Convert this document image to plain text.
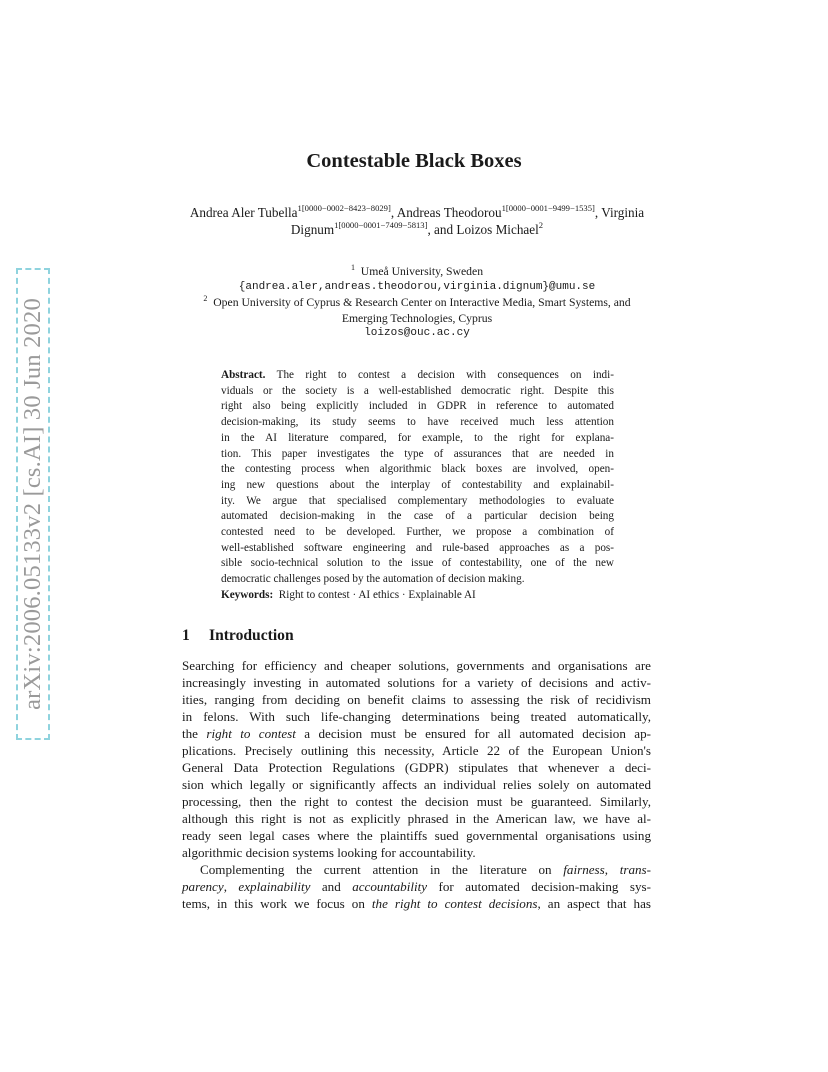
arXiv:2006.05133v2 [cs.AI] 30 Jun 2020
Contestable Black Boxes
Andrea Aler Tubella$^{1[0000-0002-8423-8029]}$, Andreas Theodorou$^{1[0000-0001-9499-1535]}$, Virginia Dignum$^{1[0000-0001-7409-5813]}$, and Loizos Michael$^2$
$^1$ Umeå University, Sweden
{andrea.aler,andreas.theodorou,virginia.dignum}@umu.se
$^2$ Open University of Cyprus & Research Center on Interactive Media, Smart Systems, and Emerging Technologies, Cyprus
loizos@ouc.ac.cy
Abstract. The right to contest a decision with consequences on indi-
viduals or the society is a well-established democratic right. Despite this
right also being explicitly included in GDPR in reference to automated
decision-making, its study seems to have received much less attention
in the AI literature compared, for example, to the right for explana-
tion. This paper investigates the type of assurances that are needed in
the contesting process when algorithmic black boxes are involved, open-
ing new questions about the interplay of contestability and explainabil-
ity. We argue that specialised complementary methodologies to evaluate
automated decision-making in the case of a particular decision being
contested need to be developed. Further, we propose a combination of
well-established software engineering and rule-based approaches as a pos-
sible socio-technical solution to the issue of contestability, one of the new
democratic challenges posed by the automation of decision making.
Keywords: Right to contest · AI ethics · Explainable AI
1 Introduction

Searching for efficiency and cheaper solutions, governments and organisations are
increasingly investing in automated solutions for a variety of decisions and activ-
ities, ranging from deciding on benefit claims to assessing the risk of recidivism
in felons. With such life-changing determinations being treated automatically,
the right to contest a decision must be ensured for all automated decision ap-
plications. Precisely outlining this necessity, Article 22 of the European Union's
General Data Protection Regulations (GDPR) stipulates that whenever a deci-
sion which legally or significantly affects an individual relies solely on automated
processing, then the right to contest the decision must be guaranteed. Similarly,
although this right is not as explicitly phrased in the American law, we have al-
ready seen legal cases where the plaintiffs sued governmental organisations using
algorithmic decision systems looking for accountability.

Complementing the current attention in the literature on fairness, trans-
parency, explainability and accountability for automated decision-making sys-
tems, in this work we focus on the right to contest decisions, an aspect that has
